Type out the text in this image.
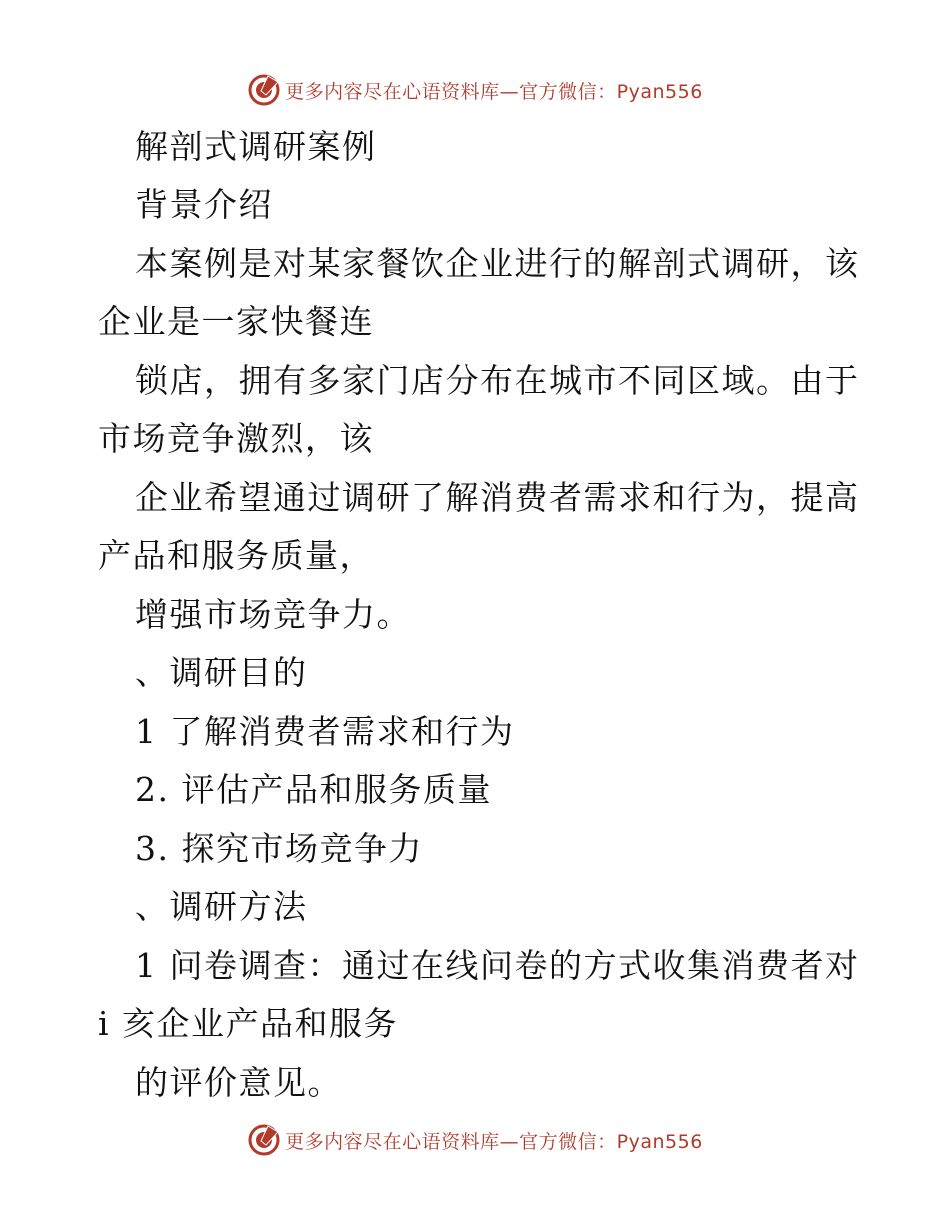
更多内容尽在心语资料库—官方微信：Pyan556
解剖式调研案例
背景介绍
本案例是对某家餐饮企业进行的解剖式调研，该
企业是一家快餐连
锁店，拥有多家门店分布在城市不同区域。由于
市场竞争激烈，该
企业希望通过调研了解消费者需求和行为，提高
产品和服务质量，
增强市场竞争力。
、调研目的
1 了解消费者需求和行为
2. 评估产品和服务质量
3. 探究市场竞争力
、调研方法
1 问卷调查：通过在线问卷的方式收集消费者对
i 亥企业产品和服务
的评价意见。
更多内容尽在心语资料库—官方微信：Pyan556
